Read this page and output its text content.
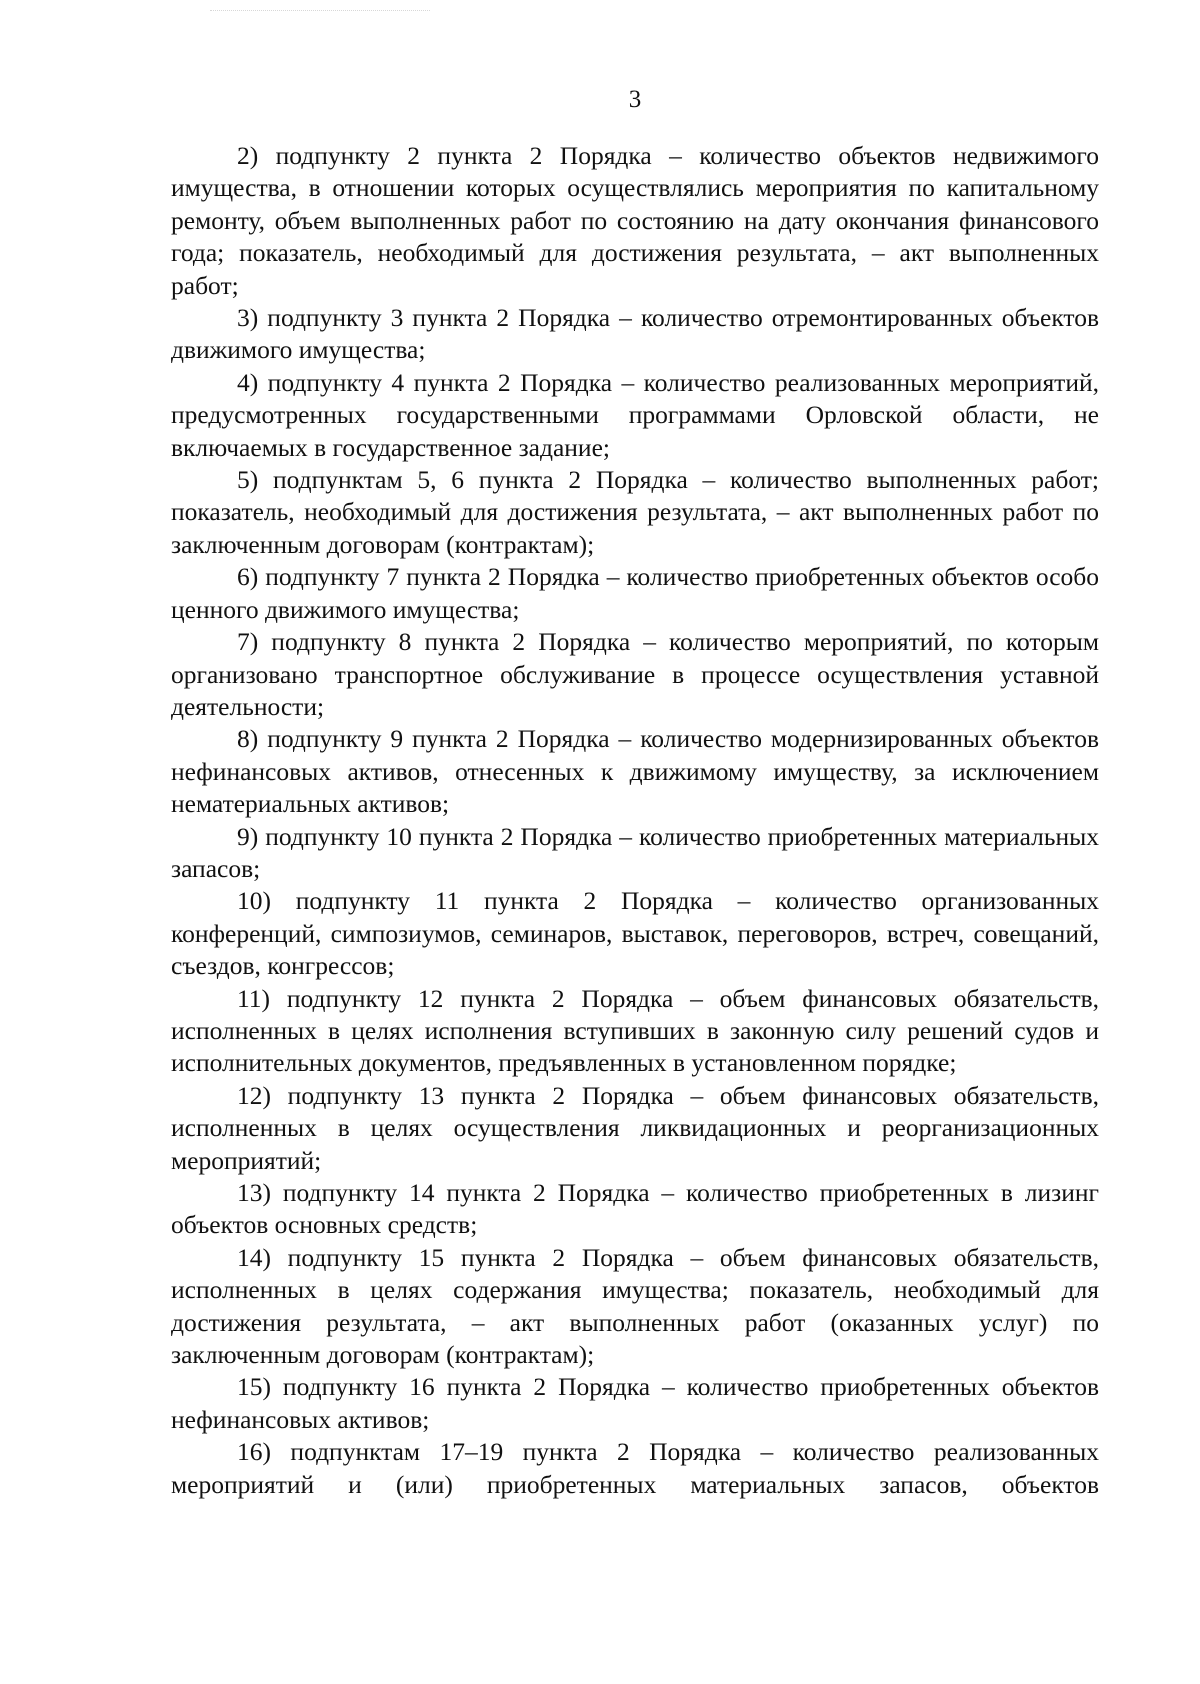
3

2) подпункту 2 пункта 2 Порядка – количество объектов недвижимого имущества, в отношении которых осуществлялись мероприятия по капитальному ремонту, объем выполненных работ по состоянию на дату окончания финансового года; показатель, необходимый для достижения результата, – акт выполненных работ;

3) подпункту 3 пункта 2 Порядка – количество отремонтированных объектов движимого имущества;

4) подпункту 4 пункта 2 Порядка – количество реализованных мероприятий, предусмотренных государственными программами Орловской области, не включаемых в государственное задание;

5) подпунктам 5, 6 пункта 2 Порядка – количество выполненных работ; показатель, необходимый для достижения результата, – акт выполненных работ по заключенным договорам (контрактам);

6) подпункту 7 пункта 2 Порядка – количество приобретенных объектов особо ценного движимого имущества;

7) подпункту 8 пункта 2 Порядка – количество мероприятий, по которым организовано транспортное обслуживание в процессе осуществления уставной деятельности;

8) подпункту 9 пункта 2 Порядка – количество модернизированных объектов нефинансовых активов, отнесенных к движимому имуществу, за исключением нематериальных активов;

9) подпункту 10 пункта 2 Порядка – количество приобретенных материальных запасов;

10) подпункту 11 пункта 2 Порядка – количество организованных конференций, симпозиумов, семинаров, выставок, переговоров, встреч, совещаний, съездов, конгрессов;

11) подпункту 12 пункта 2 Порядка – объем финансовых обязательств, исполненных в целях исполнения вступивших в законную силу решений судов и исполнительных документов, предъявленных в установленном порядке;

12) подпункту 13 пункта 2 Порядка – объем финансовых обязательств, исполненных в целях осуществления ликвидационных и реорганизационных мероприятий;

13) подпункту 14 пункта 2 Порядка – количество приобретенных в лизинг объектов основных средств;

14) подпункту 15 пункта 2 Порядка – объем финансовых обязательств, исполненных в целях содержания имущества; показатель, необходимый для достижения результата, – акт выполненных работ (оказанных услуг) по заключенным договорам (контрактам);

15) подпункту 16 пункта 2 Порядка – количество приобретенных объектов нефинансовых активов;

16) подпунктам 17–19 пункта 2 Порядка – количество реализованных мероприятий и (или) приобретенных материальных запасов, объектов
